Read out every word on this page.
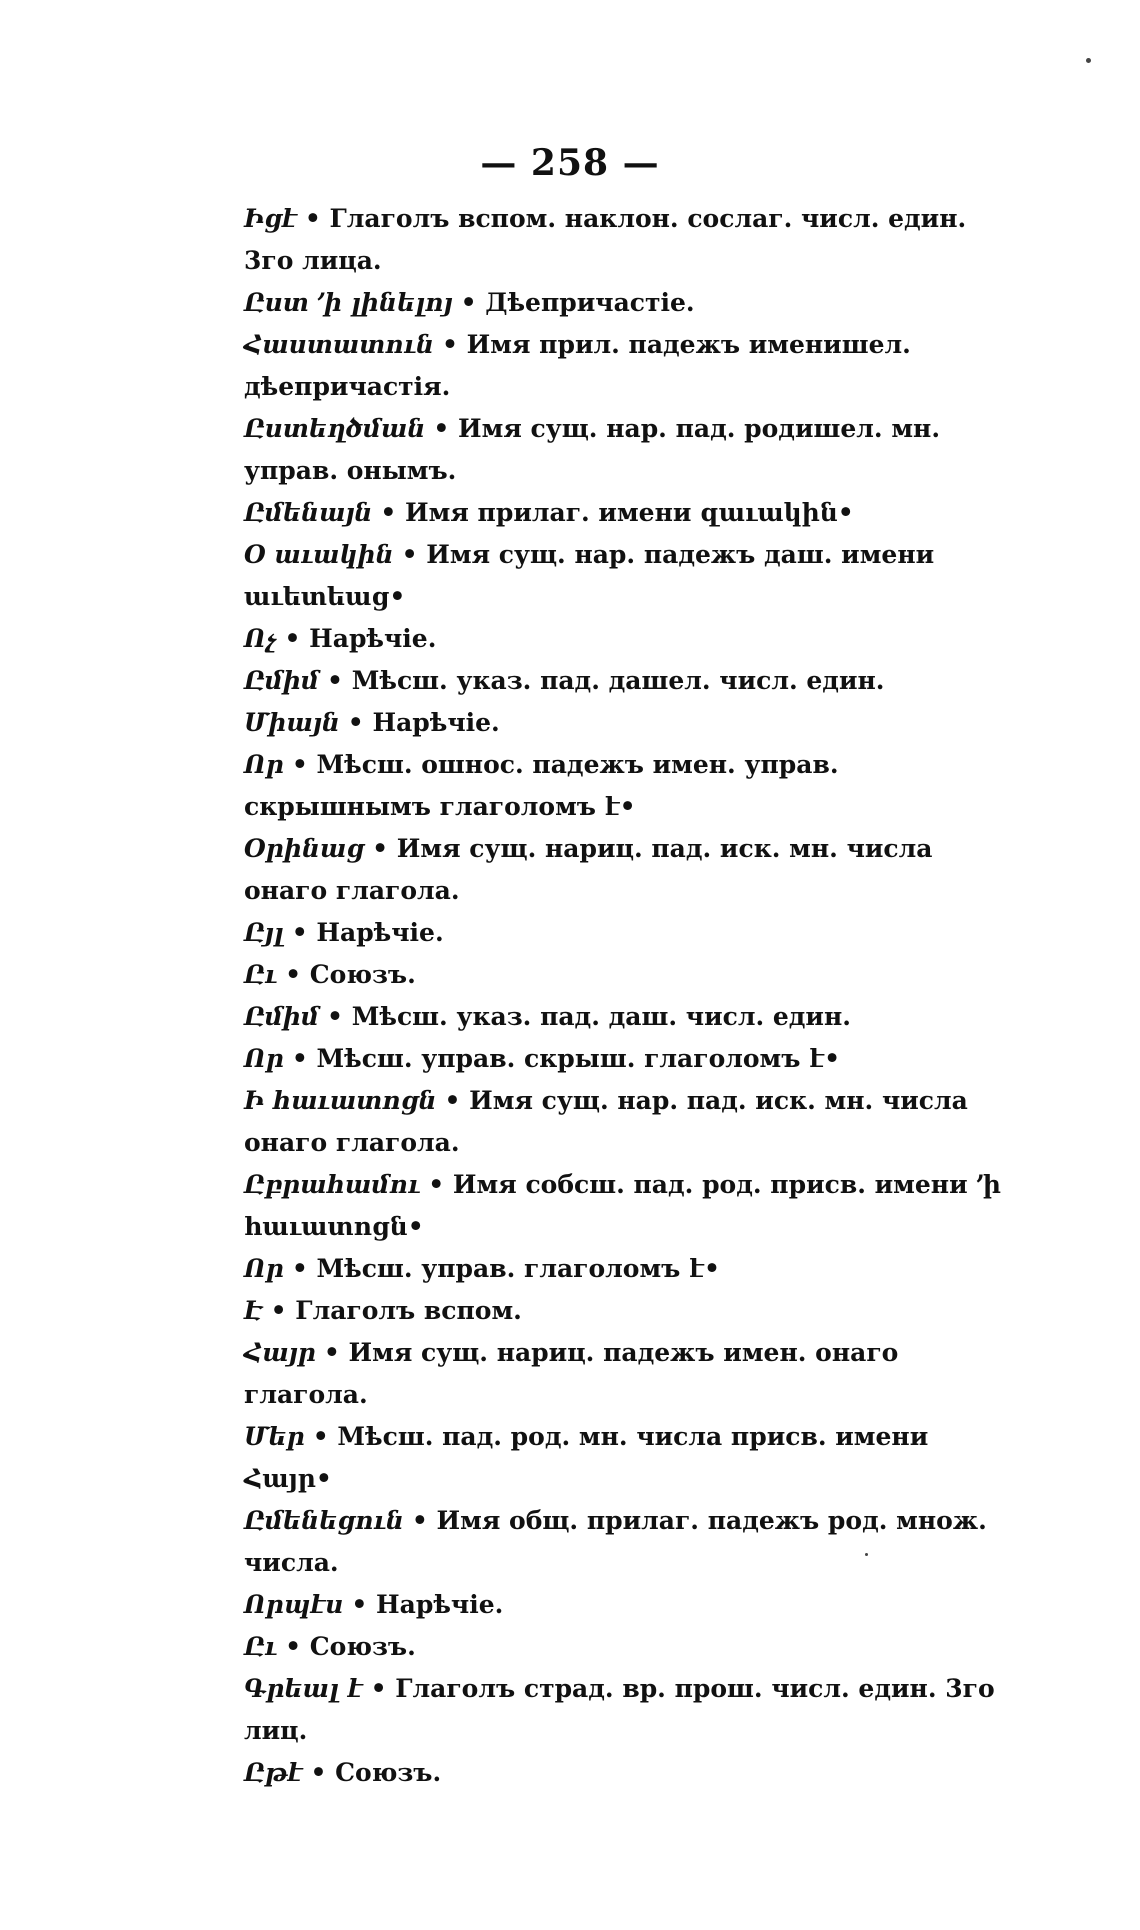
— 258 —
Իցէ • Глаголъ вспом. наклон. сослаг. числ. един. 3го лица.
Ըստ ՚ի լինելոյ • Дѣепричастiе.
Հաստատուն • Имя прил. падежъ именишел. дѣепричастiя.
Ըստեղծման • Имя сущ. нар. пад. родишел. мн. управ. онымъ.
Ըմենայն • Имя прилаг. имени զաւակին•
Օ աւակին • Имя сущ. нар. падежъ даш. имени աւետեաց•
Ոչ • Нарѣчiе.
Ըմիմ • Мѣсш. указ. пад. дашел. числ. един.
Միայն • Нарѣчiе.
Որ • Мѣсш. ошнос. падежъ имен. управ. скрышнымъ глаголомъ է•
Օրինաց • Имя сущ. нариц. пад. иск. мн. числа онаго глагола.
Ըյլ • Нарѣчiе.
Ըւ • Союзъ.
Ըմիմ • Мѣсш. указ. пад. даш. числ. един.
Որ • Мѣсш. управ. скрыш. глаголомъ է•
Ի հաւատոցն • Имя сущ. нар. пад. иск. мн. числа онаго глагола.
Ըբրահամու • Имя собсш. пад. род. присв. имени ՚ի հաւատոցն•
Որ • Мѣсш. управ. глаголомъ է•
Է • Глаголъ вспом.
Հայր • Имя сущ. нариц. падежъ имен. онаго глагола.
Մեր • Мѣсш. пад. род. мн. числа присв. имени Հայր•
Ըմենեցուն • Имя общ. прилаг. падежъ род. множ. числа.
Որպէս • Нарѣчiе.
Ըւ • Союзъ.
Գրեալ է • Глаголъ страд. вр. прош. числ. един. 3го лиц.
Ըթէ • Союзъ.
